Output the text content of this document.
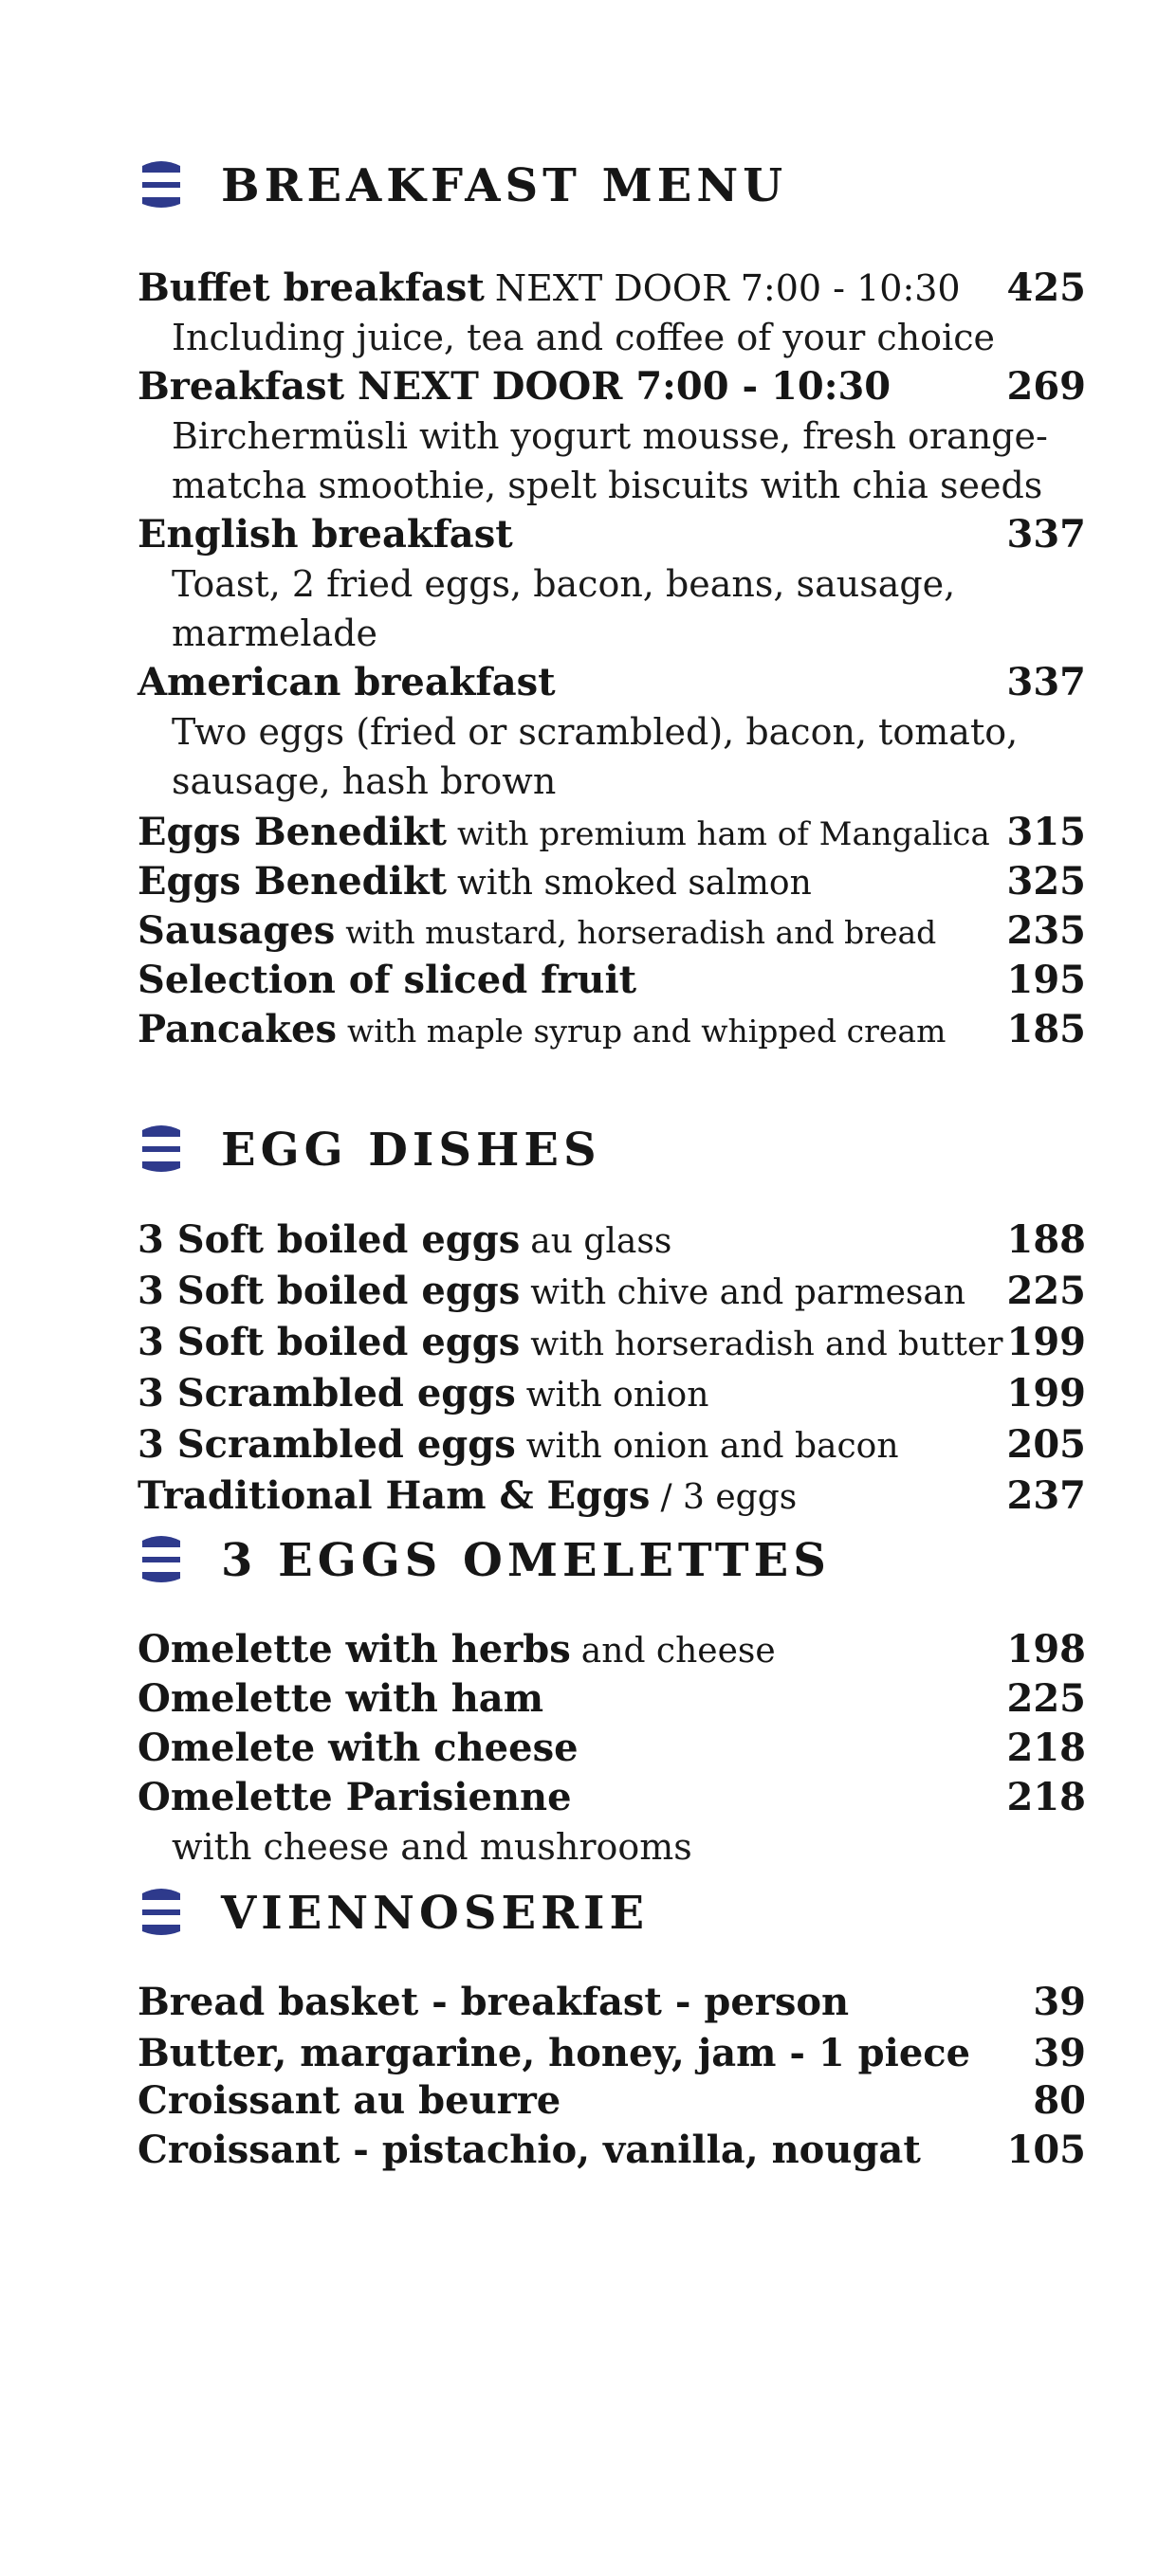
BREAKFAST MENU
Buffet breakfast NEXT DOOR 7:00 - 10:30 425
Including juice, tea and coffee of your choice
Breakfast NEXT DOOR 7:00 - 10:30	269
Birchermüsli with yogurt mousse, fresh orange-
matcha smoothie, spelt biscuits with chia seeds
English breakfast	337
Toast, 2 fried eggs, bacon, beans, sausage,
marmelade
American breakfast	337
Two eggs (fried or scrambled), bacon, tomato,
sausage, hash brown
Eggs Benedikt with premium ham of Mangalica 315
Eggs Benedikt with smoked salmon	325
Sausages with mustard, horseradish and bread 235
Selection of sliced fruit	195
Pancakes with maple syrup and whipped cream 185
EGG DISHES
3 Soft boiled eggs au glass	188
3 Soft boiled eggs with chive and parmesan 225
3 Soft boiled eggs with horseradish and butter 199
3 Scrambled eggs with onion	199
3 Scrambled eggs with onion and bacon	205
Traditional Ham & Eggs / 3 eggs	237
3 EGGS OMELETTES
Omelette with herbs and cheese	198
Omelette with ham	225
Omelete with cheese	218
Omelette Parisienne	218
with cheese and mushrooms
VIENNOSERIE
Bread basket - breakfast - person	39
Butter, margarine, honey, jam - 1 piece 39
Croissant au beurre	80
Croissant - pistachio, vanilla, nougat 105
